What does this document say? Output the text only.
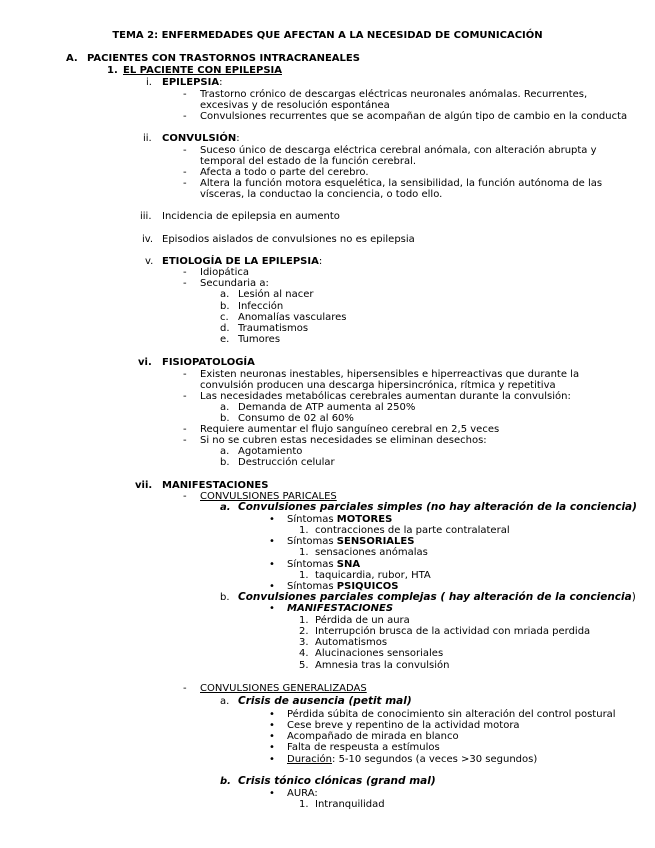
TEMA 2: ENFERMEDADES QUE AFECTAN A LA NECESIDAD DE COMUNICACIÓN
A. PACIENTES CON TRASTORNOS INTRACRANEALES
1. EL PACIENTE CON EPILEPSIA
i. EPILEPSIA:
- Trastorno crónico de descargas eléctricas neuronales anómalas. Recurrentes,
excesivas y de resolución espontánea
- Convulsiones recurrentes que se acompañan de algún tipo de cambio en la conducta
ii. CONVULSIÓN:
- Suceso único de descarga eléctrica cerebral anómala, con alteración abrupta y
temporal del estado de la función cerebral.
- Afecta a todo o parte del cerebro.
- Altera la función motora esquelética, la sensibilidad, la función autónoma de las
vísceras, la conductao la conciencia, o todo ello.
iii. Incidencia de epilepsia en aumento
iv. Episodios aislados de convulsiones no es epilepsia
v. ETIOLOGÍA DE LA EPILEPSIA:
- Idiopática
- Secundaria a:
a. Lesión al nacer
b. Infección
c. Anomalías vasculares
d. Traumatismos
e. Tumores
vi. FISIOPATOLOGÍA
- Existen neuronas inestables, hipersensibles e hiperreactivas que durante la
convulsión producen una descarga hipersincrónica, rítmica y repetitiva
- Las necesidades metabólicas cerebrales aumentan durante la convulsión:
a. Demanda de ATP aumenta al 250%
b. Consumo de 02 al 60%
- Requiere aumentar el flujo sanguíneo cerebral en 2,5 veces
- Si no se cubren estas necesidades se eliminan desechos:
a. Agotamiento
b. Destrucción celular
vii. MANIFESTACIONES
- CONVULSIONES PARICALES
a. Convulsiones parciales simples (no hay alteración de la conciencia)
• Síntomas MOTORES
1. contracciones de la parte contralateral
• Síntomas SENSORIALES
1. sensaciones anómalas
• Síntomas SNA
1. taquicardia, rubor, HTA
• Síntomas PSIQUICOS
b. Convulsiones parciales complejas ( hay alteración de la conciencia)
• MANIFESTACIONES
1. Pérdida de un aura
2. Interrupción brusca de la actividad con mriada perdida
3. Automatismos
4. Alucinaciones sensoriales
5. Amnesia tras la convulsión
- CONVULSIONES GENERALIZADAS
a. Crisis de ausencia (petit mal)
• Pérdida súbita de conocimiento sin alteración del control postural
• Cese breve y repentino de la actividad motora
• Acompañado de mirada en blanco
• Falta de respeusta a estímulos
• Duración: 5-10 segundos (a veces >30 segundos)
b. Crisis tónico clónicas (grand mal)
• AURA:
1. Intranquilidad
